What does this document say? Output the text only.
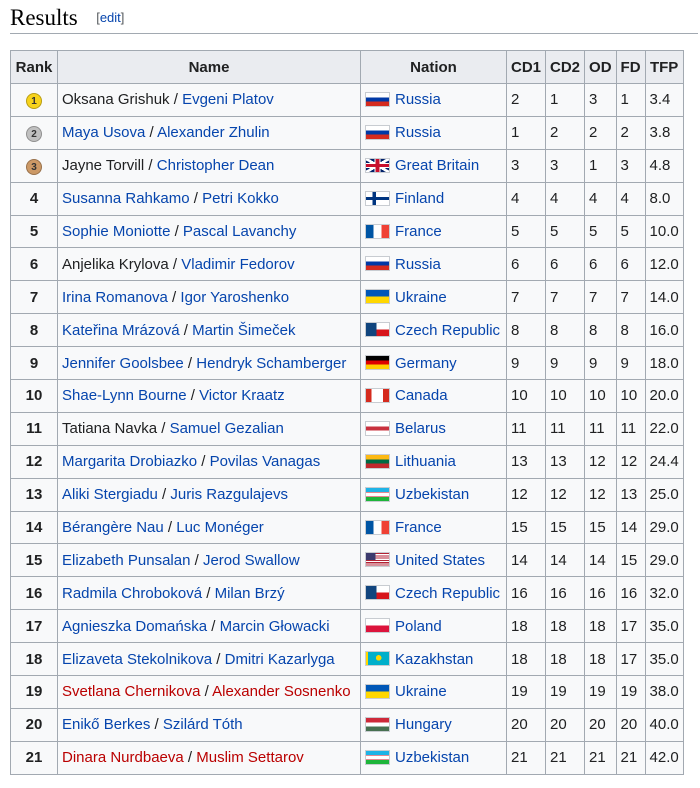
Results [edit]
Rank	Name	Nation	CD1	CD2	OD	FD	TFP
1	Oksana Grishuk / Evgeni Platov	Russia	2	1	3	1	3.4
2	Maya Usova / Alexander Zhulin	Russia	1	2	2	2	3.8
3	Jayne Torvill / Christopher Dean	Great Britain	3	3	1	3	4.8
4	Susanna Rahkamo / Petri Kokko	Finland	4	4	4	4	8.0
5	Sophie Moniotte / Pascal Lavanchy	France	5	5	5	5	10.0
6	Anjelika Krylova / Vladimir Fedorov	Russia	6	6	6	6	12.0
7	Irina Romanova / Igor Yaroshenko	Ukraine	7	7	7	7	14.0
8	Kateřina Mrázová / Martin Šimeček	Czech Republic	8	8	8	8	16.0
9	Jennifer Goolsbee / Hendryk Schamberger	Germany	9	9	9	9	18.0
10	Shae-Lynn Bourne / Victor Kraatz	Canada	10	10	10	10	20.0
11	Tatiana Navka / Samuel Gezalian	Belarus	11	11	11	11	22.0
12	Margarita Drobiazko / Povilas Vanagas	Lithuania	13	13	12	12	24.4
13	Aliki Stergiadu / Juris Razgulajevs	Uzbekistan	12	12	12	13	25.0
14	Bérangère Nau / Luc Monéger	France	15	15	15	14	29.0
15	Elizabeth Punsalan / Jerod Swallow	United States	14	14	14	15	29.0
16	Radmila Chroboková / Milan Brzý	Czech Republic	16	16	16	16	32.0
17	Agnieszka Domańska / Marcin Głowacki	Poland	18	18	18	17	35.0
18	Elizaveta Stekolnikova / Dmitri Kazarlyga	Kazakhstan	18	18	18	17	35.0
19	Svetlana Chernikova / Alexander Sosnenko	Ukraine	19	19	19	19	38.0
20	Enikő Berkes / Szilárd Tóth	Hungary	20	20	20	20	40.0
21	Dinara Nurdbaeva / Muslim Settarov	Uzbekistan	21	21	21	21	42.0
